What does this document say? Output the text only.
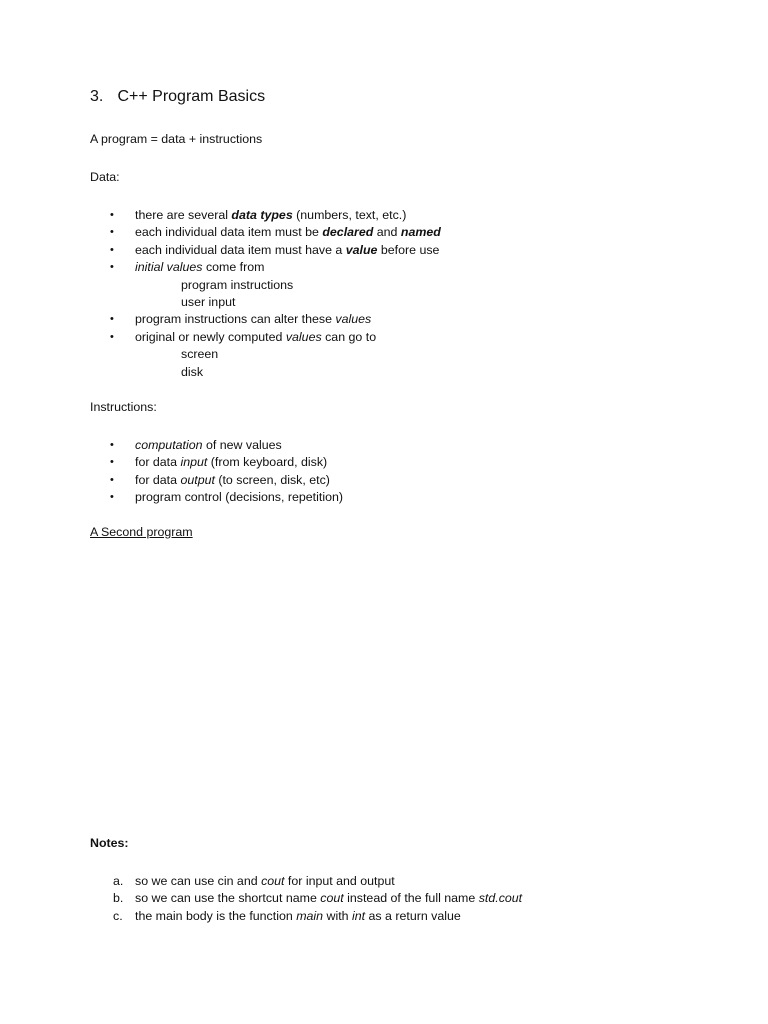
3. C++ Program Basics
A program = data + instructions
Data:
• there are several data types (numbers, text, etc.)
• each individual data item must be declared and named
• each individual data item must have a value before use
• initial values come from
program instructions
user input
• program instructions can alter these values
• original or newly computed values can go to
screen
disk
Instructions:
• computation of new values
• for data input (from keyboard, disk)
• for data output (to screen, disk, etc)
• program control (decisions, repetition)
A Second program
Notes:
a. so we can use cin and cout for input and output
b. so we can use the shortcut name cout instead of the full name std.cout
c. the main body is the function main with int as a return value
